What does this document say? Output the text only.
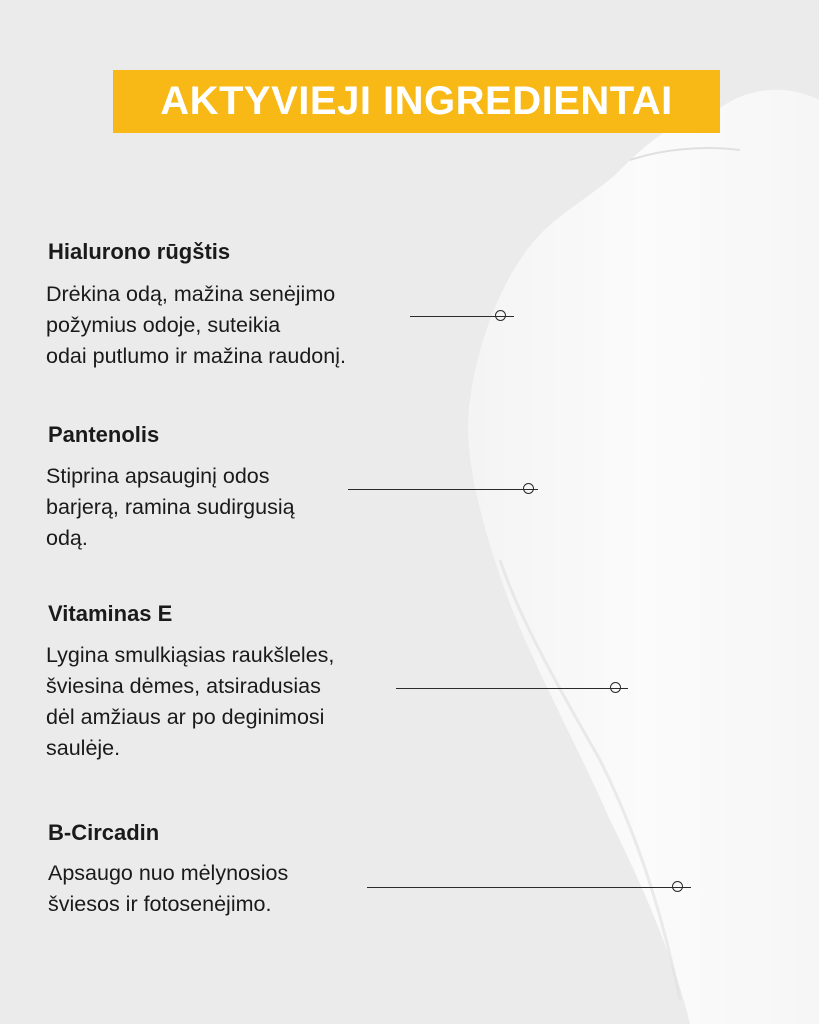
AKTYVIEJI INGREDIENTAI
Hialurono rūgštis
Drėkina odą, mažina senėjimo
požymius odoje, suteikia
odai putlumo ir mažina raudonį.
Pantenolis
Stiprina apsauginį odos
barjerą, ramina sudirgusią
odą.
Vitaminas E
Lygina smulkiąsias raukšleles,
šviesina dėmes, atsiradusias
dėl amžiaus ar po deginimosi
saulėje.
B-Circadin
Apsaugo nuo mėlynosios
šviesos ir fotosenėjimo.
